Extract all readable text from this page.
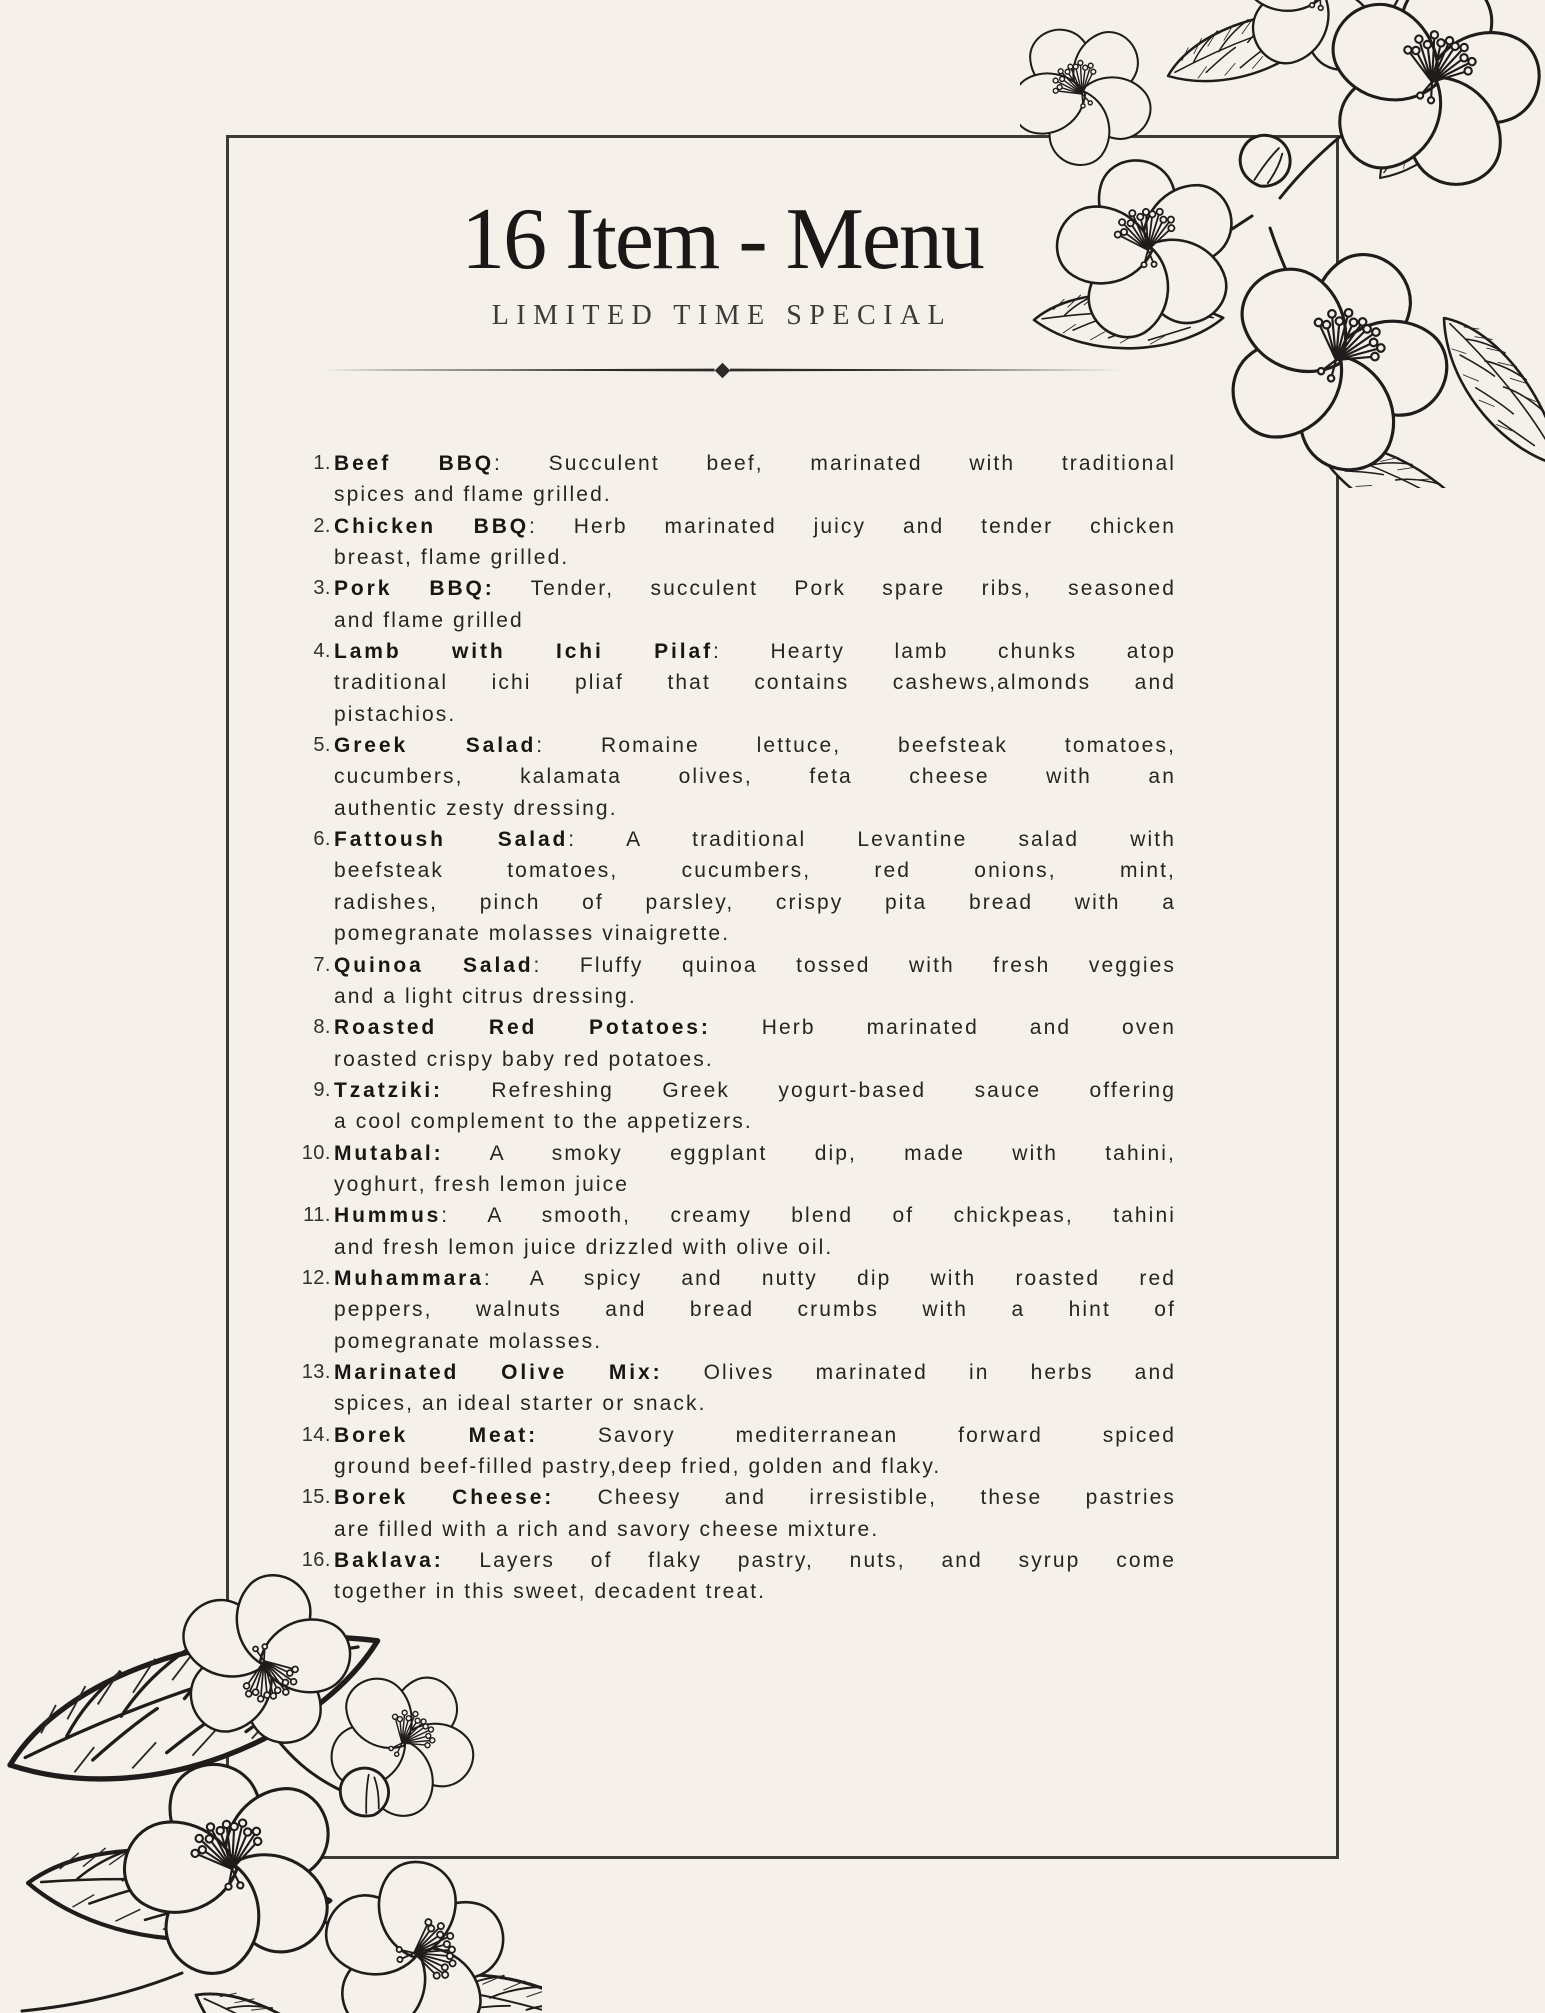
16 Item - Menu
LIMITED TIME SPECIAL
1. Beef BBQ: Succulent beef, marinated with traditional
spices and flame grilled.
2. Chicken BBQ: Herb marinated juicy and tender chicken
breast, flame grilled.
3. Pork BBQ: Tender, succulent Pork spare ribs, seasoned
and flame grilled
4. Lamb with Ichi Pilaf: Hearty lamb chunks atop
traditional ichi pliaf that contains cashews,almonds and
pistachios.
5. Greek Salad: Romaine lettuce, beefsteak tomatoes,
cucumbers, kalamata olives, feta cheese with an
authentic zesty dressing.
6. Fattoush Salad: A traditional Levantine salad with
beefsteak tomatoes, cucumbers, red onions, mint,
radishes, pinch of parsley, crispy pita bread with a
pomegranate molasses vinaigrette.
7. Quinoa Salad: Fluffy quinoa tossed with fresh veggies
and a light citrus dressing.
8. Roasted Red Potatoes: Herb marinated and oven
roasted crispy baby red potatoes.
9. Tzatziki: Refreshing Greek yogurt-based sauce offering
a cool complement to the appetizers.
10. Mutabal: A smoky eggplant dip, made with tahini,
yoghurt, fresh lemon juice
11. Hummus: A smooth, creamy blend of chickpeas, tahini
and fresh lemon juice drizzled with olive oil.
12. Muhammara: A spicy and nutty dip with roasted red
peppers, walnuts and bread crumbs with a hint of
pomegranate molasses.
13. Marinated Olive Mix: Olives marinated in herbs and
spices, an ideal starter or snack.
14. Borek Meat: Savory mediterranean forward spiced
ground beef-filled pastry,deep fried, golden and flaky.
15. Borek Cheese: Cheesy and irresistible, these pastries
are filled with a rich and savory cheese mixture.
16. Baklava: Layers of flaky pastry, nuts, and syrup come
together in this sweet, decadent treat.
